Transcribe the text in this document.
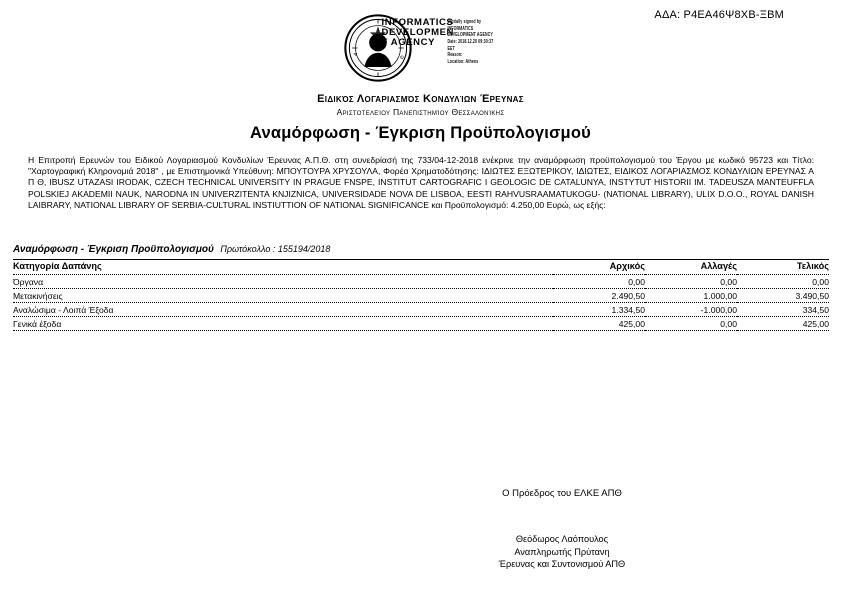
ΑΔΑ: Ρ4ΕΑ46Ψ8ΧΒ-ΞΒΜ
A
Θ
INFORMATICS
DEVELOPMEN
T AGENCY
Digitally signed by
INFORMATICS
DEVELOPMENT AGENCY
Date: 2018.12.20 09:30:37
EET
Reason:
Location: Athens
Ειδικός Λογαριασμός Κονδυλίων Έρευνας
Αριστοτελείου Πανεπιστημίου Θεσσαλονίκης
Αναμόρφωση - Έγκριση Προϋπολογισμού

Η Επιτροπή Ερευνών του Ειδικού Λογαριασμού Κονδυλίων Έρευνας Α.Π.Θ. στη συνεδρίασή της 733/04-12-2018 ενέκρινε την αναμόρφωση προϋπολογισμού του Έργου με κωδικό 95723 και Τίτλο: "Χαρτογραφική Κληρονομιά 2018" , με Επιστημονικά Υπεύθυνη: ΜΠΟΥΤΟΥΡΑ ΧΡΥΣΟΥΛΑ, Φορέα Χρηματοδότησης: ΙΔΙΩΤΕΣ ΕΞΩΤΕΡΙΚΟΥ, ΙΔΙΩΤΕΣ, ΕΙΔΙΚΟΣ ΛΟΓΑΡΙΑΣΜΟΣ ΚΟΝΔΥΛΙΩΝ ΕΡΕΥΝΑΣ Α Π Θ, IBUSZ UTAZASI IRODAK, CZECH TECHNICAL UNIVERSITY IN PRAGUE FNSPE, INSTITUT CARTOGRAFIC I GEOLOGIC DE CATALUNYA, INSTYTUT HISTORII IM. TADEUSZA MANTEUFFLA POLSKIEJ AKADEMII NAUK, NARODNA IN UNIVERZITENTA KNJIZNICA, UNIVERSIDADE NOVA DE LISBOA, EESTI RAHVUSRAAMATUKOGU- (NATIONAL LIBRARY), ULIX D.O.O., ROYAL DANISH LAIBRARY, NATIONAL LIBRARY OF SERBIA-CULTURAL INSTIUTTION OF NATIONAL SIGNIFICANCE και Προϋπολογισμό: 4.250,00 Ευρώ, ως εξής:

Αναμόρφωση - Έγκριση Προϋπολογισμού Πρωτόκολλο : 155194/2018
Κατηγορία Δαπάνης	Αρχικός	Αλλαγές	Τελικός
Όργανα	0,00	0,00	0,00
Μετακινήσεις	2.490,50	1.000,00	3.490,50
Αναλώσιμα - Λοιπά Έξοδα	1.334,50	-1.000,00	334,50
Γενικά έξοδα	425,00	0,00	425,00
Ο Πρόεδρος του ΕΛΚΕ ΑΠΘ
Θεόδωρος Λαόπουλος
Αναπληρωτής Πρύτανη
Έρευνας και Συντονισμού ΑΠΘ
